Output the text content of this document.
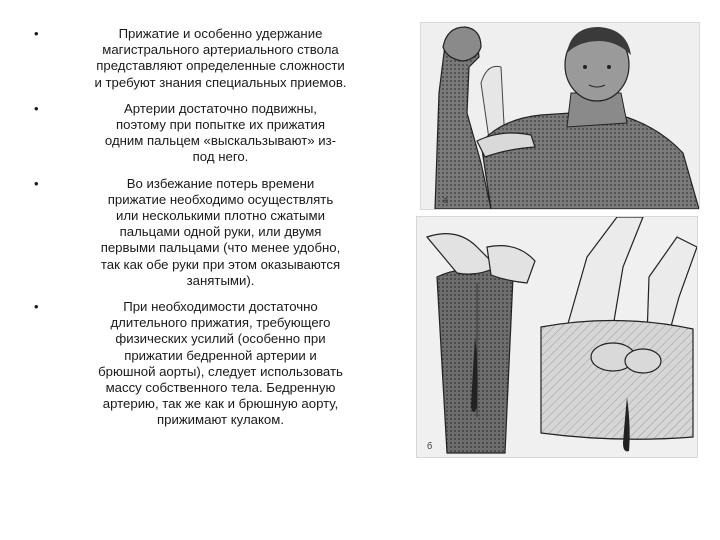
•	Прижатие и особенно удержание
магистрального артериального ствола
представляют определенные сложности
и требуют знания специальных приемов.
•	Артерии достаточно подвижны,
поэтому при попытке их прижатия
одним пальцем «выскальзывают» из-
под него.
•	Во избежание потерь времени
прижатие необходимо осуществлять
или несколькими плотно сжатыми
пальцами одной руки, или двумя
первыми пальцами (что менее удобно,
так как обе руки при этом оказываются
занятыми).
•	При необходимости достаточно
длительного прижатия, требующего
физических усилий (особенно при
прижатии бедренной артерии и
брюшной аорты), следует использовать
массу собственного тела. Бедренную
артерию, так же как и брюшную аорту,
прижимают кулаком.
а
б
